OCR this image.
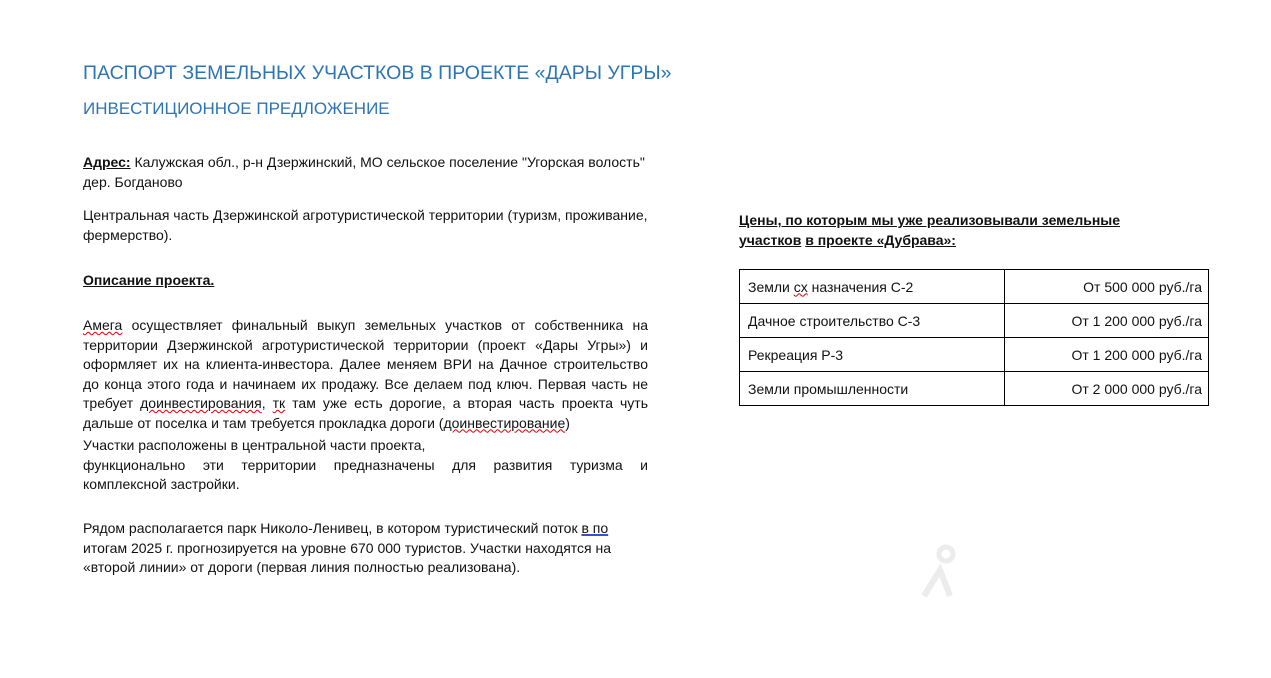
ПАСПОРТ ЗЕМЕЛЬНЫХ УЧАСТКОВ В ПРОЕКТЕ «ДАРЫ УГРЫ»
ИНВЕСТИЦИОННОЕ ПРЕДЛОЖЕНИЕ
Адрес: Калужская обл., р-н Дзержинский, МО сельское поселение "Угорская волость"
дер. Богданово
Центральная часть Дзержинской агротуристической территории (туризм, проживание,
фермерство).
Описание проекта.
Амега осуществляет финальный выкуп земельных участков от собственника на
территории Дзержинской агротуристической территории (проект «Дары Угры») и
оформляет их на клиента-инвестора. Далее меняем ВРИ на Дачное строительство
до конца этого года и начинаем их продажу. Все делаем под ключ. Первая часть не
требует доинвестирования, тк там уже есть дорогие, а вторая часть проекта чуть
дальше от поселка и там требуется прокладка дороги (доинвестирование)
Участки расположены в центральной части проекта,
функционально эти территории предназначены для развития туризма и
комплексной застройки.
Рядом располагается парк Николо-Ленивец, в котором туристический поток в по
итогам 2025 г. прогнозируется на уровне 670 000 туристов. Участки находятся на
«второй линии» от дороги (первая линия полностью реализована).
Цены, по которым мы уже реализовывали земельные
участков в проекте «Дубрава»:
Земли сх назначения С-2	От 500 000 руб./га
Дачное строительство С-3	От 1 200 000 руб./га
Рекреация Р-3	От 1 200 000 руб./га
Земли промышленности	От 2 000 000 руб./га
